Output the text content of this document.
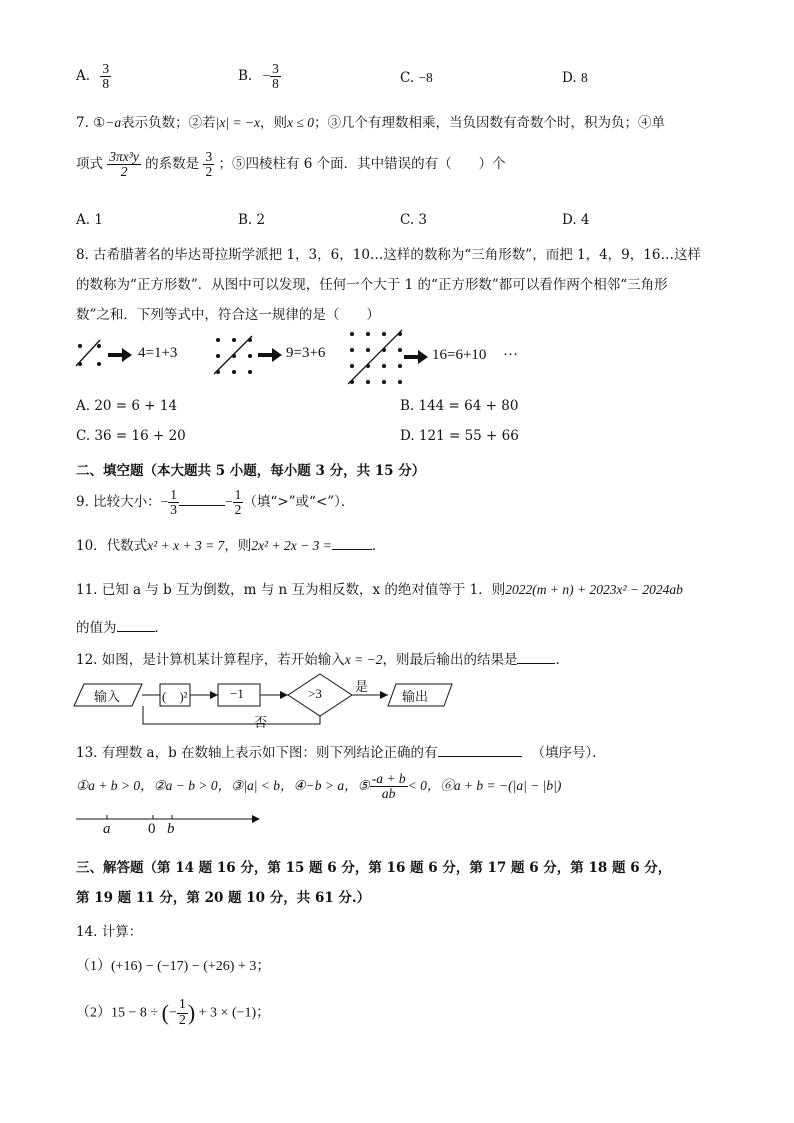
A. $\frac{3}{8}$	B. − $\frac{3}{8}$	C. −8	D. 8
7. ①−a表示负数；②若|x| = −x，则x ≤ 0；③几个有理数相乘，当负因数有奇数个时，积为负；④单
项式 $\frac{\text{3πx³y}}{2}$ 的系数是 $\frac{3}{2}$ ；⑤四棱柱有 6 个面．其中错误的有（　　）个
A. 1	B. 2	C. 3	D. 4
8. 古希腊著名的毕达哥拉斯学派把 1，3，6，10…这样的数称为“三角形数”，而把 1，4，9，16…这样
的数称为“正方形数”．从图中可以发现，任何一个大于 1 的“正方形数”都可以看作两个相邻“三角形
数”之和．下列等式中，符合这一规律的是（　　）
4=1+3	9=3+6	16=6+10 ···
A. 20 = 6 + 14	B. 144 = 64 + 80
C. 36 = 16 + 20	D. 121 = 55 + 66
二、填空题（本大题共 5 小题，每小题 3 分，共 15 分）
9. 比较大小：− $\frac{1}{3}$	− $\frac{1}{2}$ （填“>”或“<”）．
10．代数式x² + x + 3 = 7，则2x² + 2x − 3 =	．
11. 已知 a 与 b 互为倒数，m 与 n 互为相反数，x 的绝对值等于 1．则2022(m + n) + 2023x² − 2024ab
的值为	．
12. 如图，是计算机某计算程序，若开始输入x = −2，则最后输出的结果是	．
输入	(　)²	−1	>3	是
输出
否
13. 有理数 a，b 在数轴上表示如下图：则下列结论正确的有	（填序号）．
①a + b > 0，②a − b > 0，③|a| < b，④−b > a，⑤ $\frac{-a + b}{ab} < 0$，⑥a + b = −(|a| − |b|)
a	0 b
三、解答题（第 14 题 16 分，第 15 题 6 分，第 16 题 6 分，第 17 题 6 分，第 18 题 6 分，
第 19 题 11 分，第 20 题 10 分，共 61 分.）
14. 计算：
（1）(+16) − (−17) − (+26) + 3；
（2）15 − 8 ÷ (− $\frac{1}{2}$ ) + 3 × (−1)；
